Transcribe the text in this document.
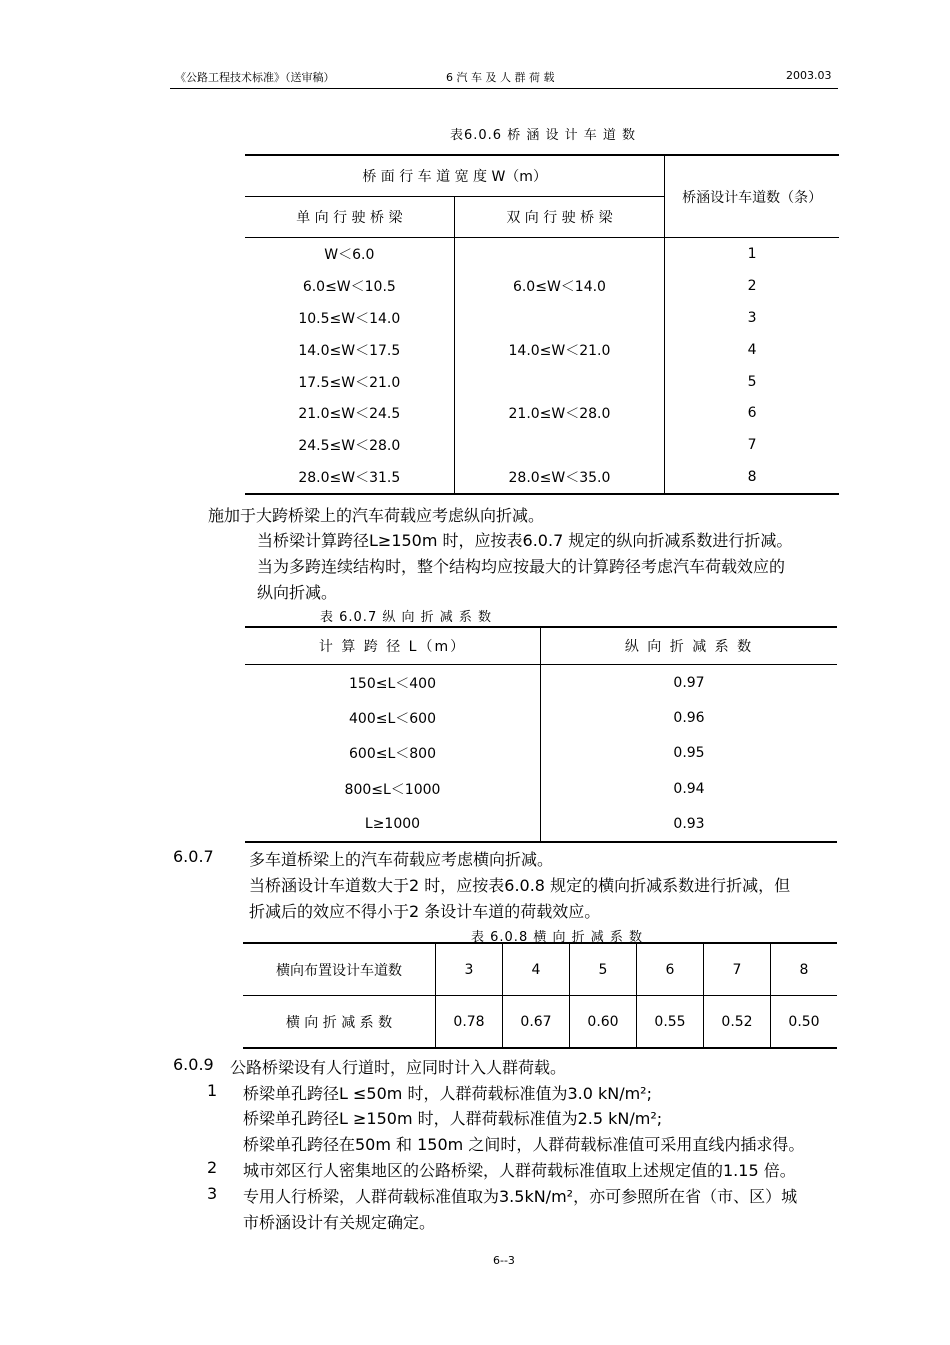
《公路工程技术标准》（送审稿）	6 汽 车 及 人 群 荷 载	2003.03
表6.0.6 桥 涵 设 计 车 道 数
桥 面 行 车 道 宽 度 W（m）		桥涵设计车道数（条）
单 向 行 驶 桥 梁	双 向 行 驶 桥 梁	
W＜6.0		1
6.0≤W＜10.5	6.0≤W＜14.0	2
10.5≤W＜14.0		3
14.0≤W＜17.5	14.0≤W＜21.0	4
17.5≤W＜21.0		5
21.0≤W＜24.5	21.0≤W＜28.0	6
24.5≤W＜28.0		7
28.0≤W＜31.5	28.0≤W＜35.0	8
施加于大跨桥梁上的汽车荷载应考虑纵向折减。
当桥梁计算跨径L≥150m 时，应按表6.0.7 规定的纵向折减系数进行折减。
当为多跨连续结构时，整个结构均应按最大的计算跨径考虑汽车荷载效应的
纵向折减。
表 6.0.7 纵 向 折 减 系 数
计 算 跨 径 L（m）	纵 向 折 减 系 数
150≤L＜400	0.97
400≤L＜600	0.96
600≤L＜800	0.95
800≤L＜1000	0.94
L≥1000	0.93
6.0.7 多车道桥梁上的汽车荷载应考虑横向折减。
当桥涵设计车道数大于2 时，应按表6.0.8 规定的横向折减系数进行折减，但
折减后的效应不得小于2 条设计车道的荷载效应。
表 6.0.8 横 向 折 减 系 数
横向布置设计车道数	3	4	5	6	7	8
横 向 折 减 系 数	0.78	0.67	0.60	0.55	0.52	0.50
6.0.9 公路桥梁设有人行道时，应同时计入人群荷载。
1 桥梁单孔跨径L ≤50m 时，人群荷载标准值为3.0 kN/m²;
桥梁单孔跨径L ≥150m 时，人群荷载标准值为2.5 kN/m²;
桥梁单孔跨径在50m 和 150m 之间时，人群荷载标准值可采用直线内插求得。
2 城市郊区行人密集地区的公路桥梁，人群荷载标准值取上述规定值的1.15 倍。
3 专用人行桥梁，人群荷载标准值取为3.5kN/m²，亦可参照所在省（市、区）城
市桥涵设计有关规定确定。
6--3
